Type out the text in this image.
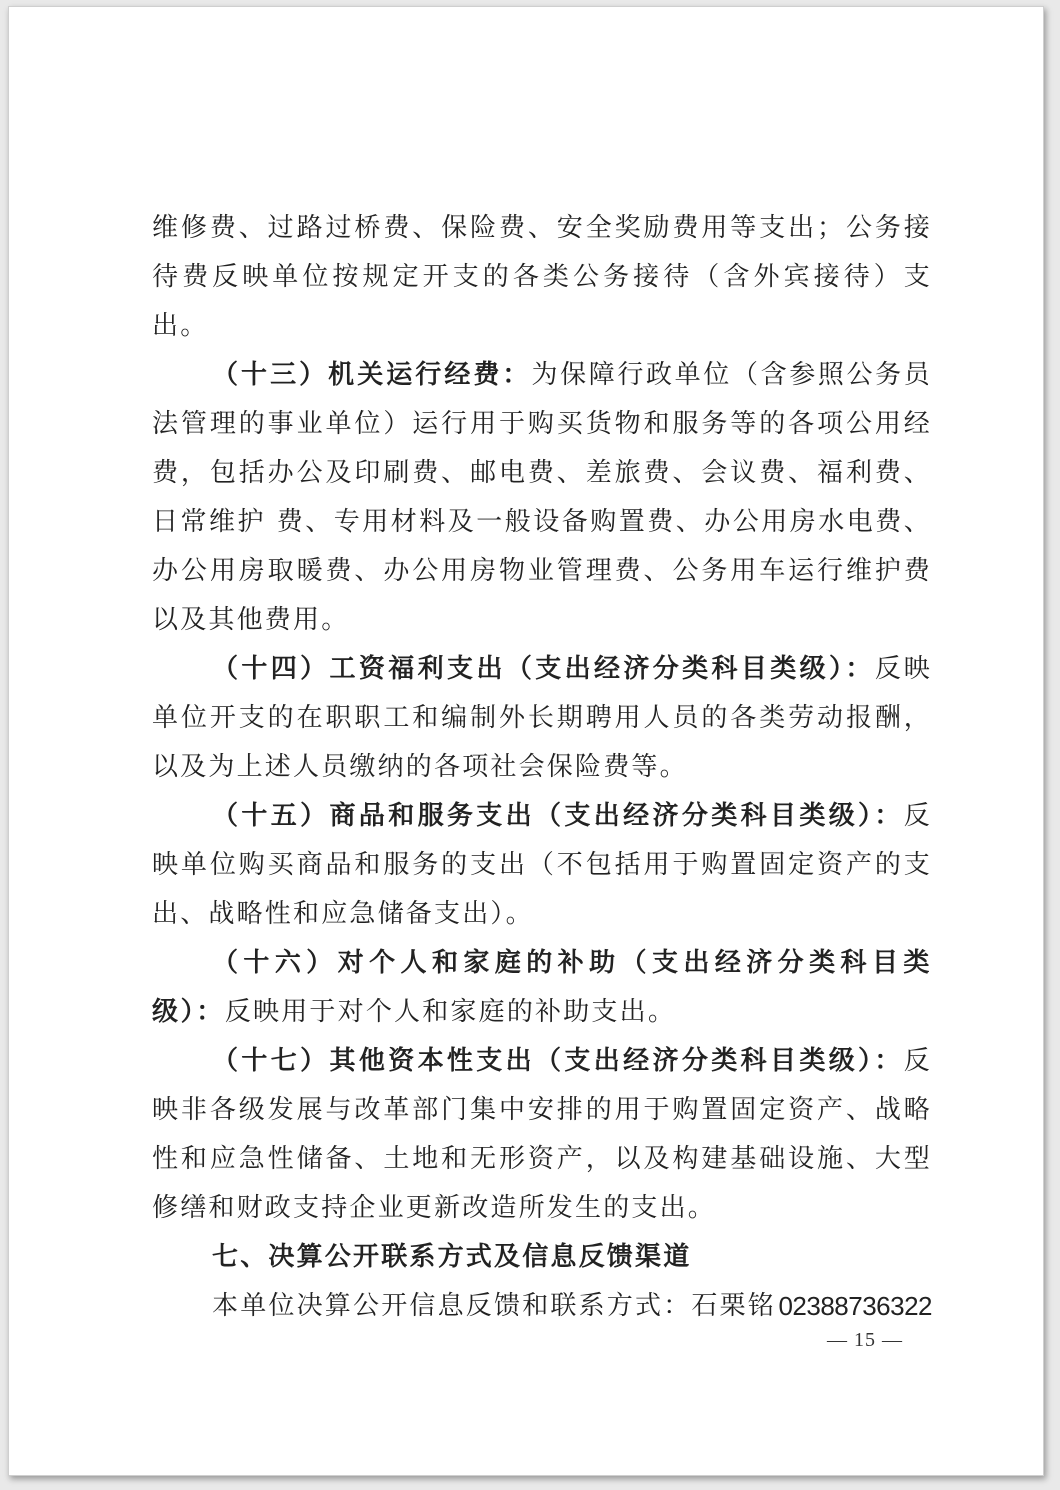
维修费、过路过桥费、保险费、安全奖励费用等支出；公务接待费反映单位按规定开支的各类公务接待（含外宾接待）支出。

（十三）机关运行经费：为保障行政单位（含参照公务员法管理的事业单位）运行用于购买货物和服务等的各项公用经费，包括办公及印刷费、邮电费、差旅费、会议费、福利费、日常维护 费、专用材料及一般设备购置费、办公用房水电费、办公用房取暖费、办公用房物业管理费、公务用车运行维护费以及其他费用。

（十四）工资福利支出（支出经济分类科目类级）：反映单位开支的在职职工和编制外长期聘用人员的各类劳动报酬，以及为上述人员缴纳的各项社会保险费等。

（十五）商品和服务支出（支出经济分类科目类级）：反映单位购买商品和服务的支出（不包括用于购置固定资产的支出、战略性和应急储备支出）。

（十六）对个人和家庭的补助（支出经济分类科目类级）：反映用于对个人和家庭的补助支出。

（十七）其他资本性支出（支出经济分类科目类级）：反映非各级发展与改革部门集中安排的用于购置固定资产、战略性和应急性储备、土地和无形资产，以及构建基础设施、大型修缮和财政支持企业更新改造所发生的支出。

七、决算公开联系方式及信息反馈渠道

本单位决算公开信息反馈和联系方式：石栗铭 02388736322

— 15 —
